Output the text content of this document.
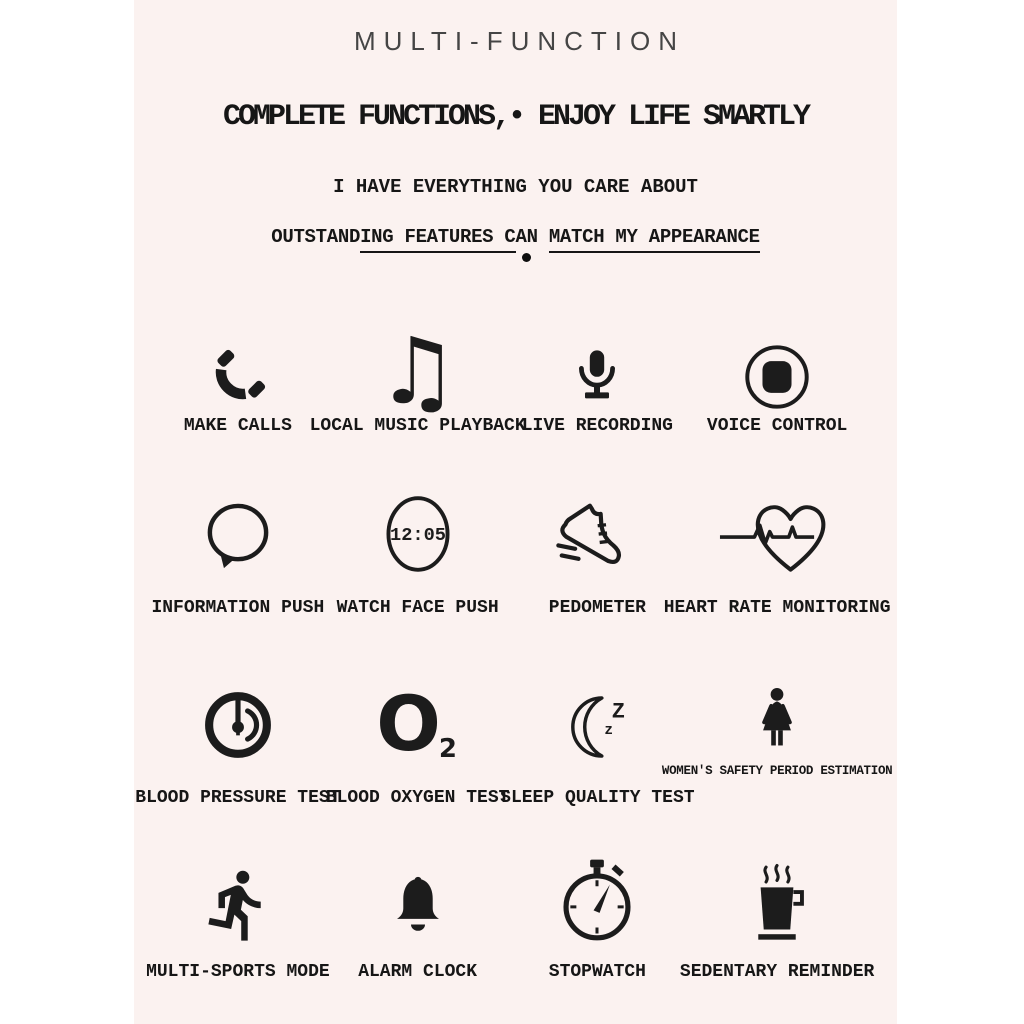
MULTI-FUNCTION
COMPLETE FUNCTIONS,• ENJOY LIFE SMARTLY
I HAVE EVERYTHING YOU CARE ABOUT
OUTSTANDING FEATURES CAN MATCH MY APPEARANCE
MAKE CALLS
♫
LOCAL MUSIC PLAYBACK
LIVE RECORDING VOICE CONTROL
INFORMATION PUSH
12:05
WATCH FACE PUSH	PEDOMETER HEART RATE MONITORING
BLOOD PRESSURE TEST
O
2
BLOOD OXYGEN TEST
Z
z
SLEEP QUALITY TEST
WOMEN'S SAFETY PERIOD ESTIMATION
MULTI-SPORTS MODE ALARM CLOCK	STOPWATCH SEDENTARY REMINDER
